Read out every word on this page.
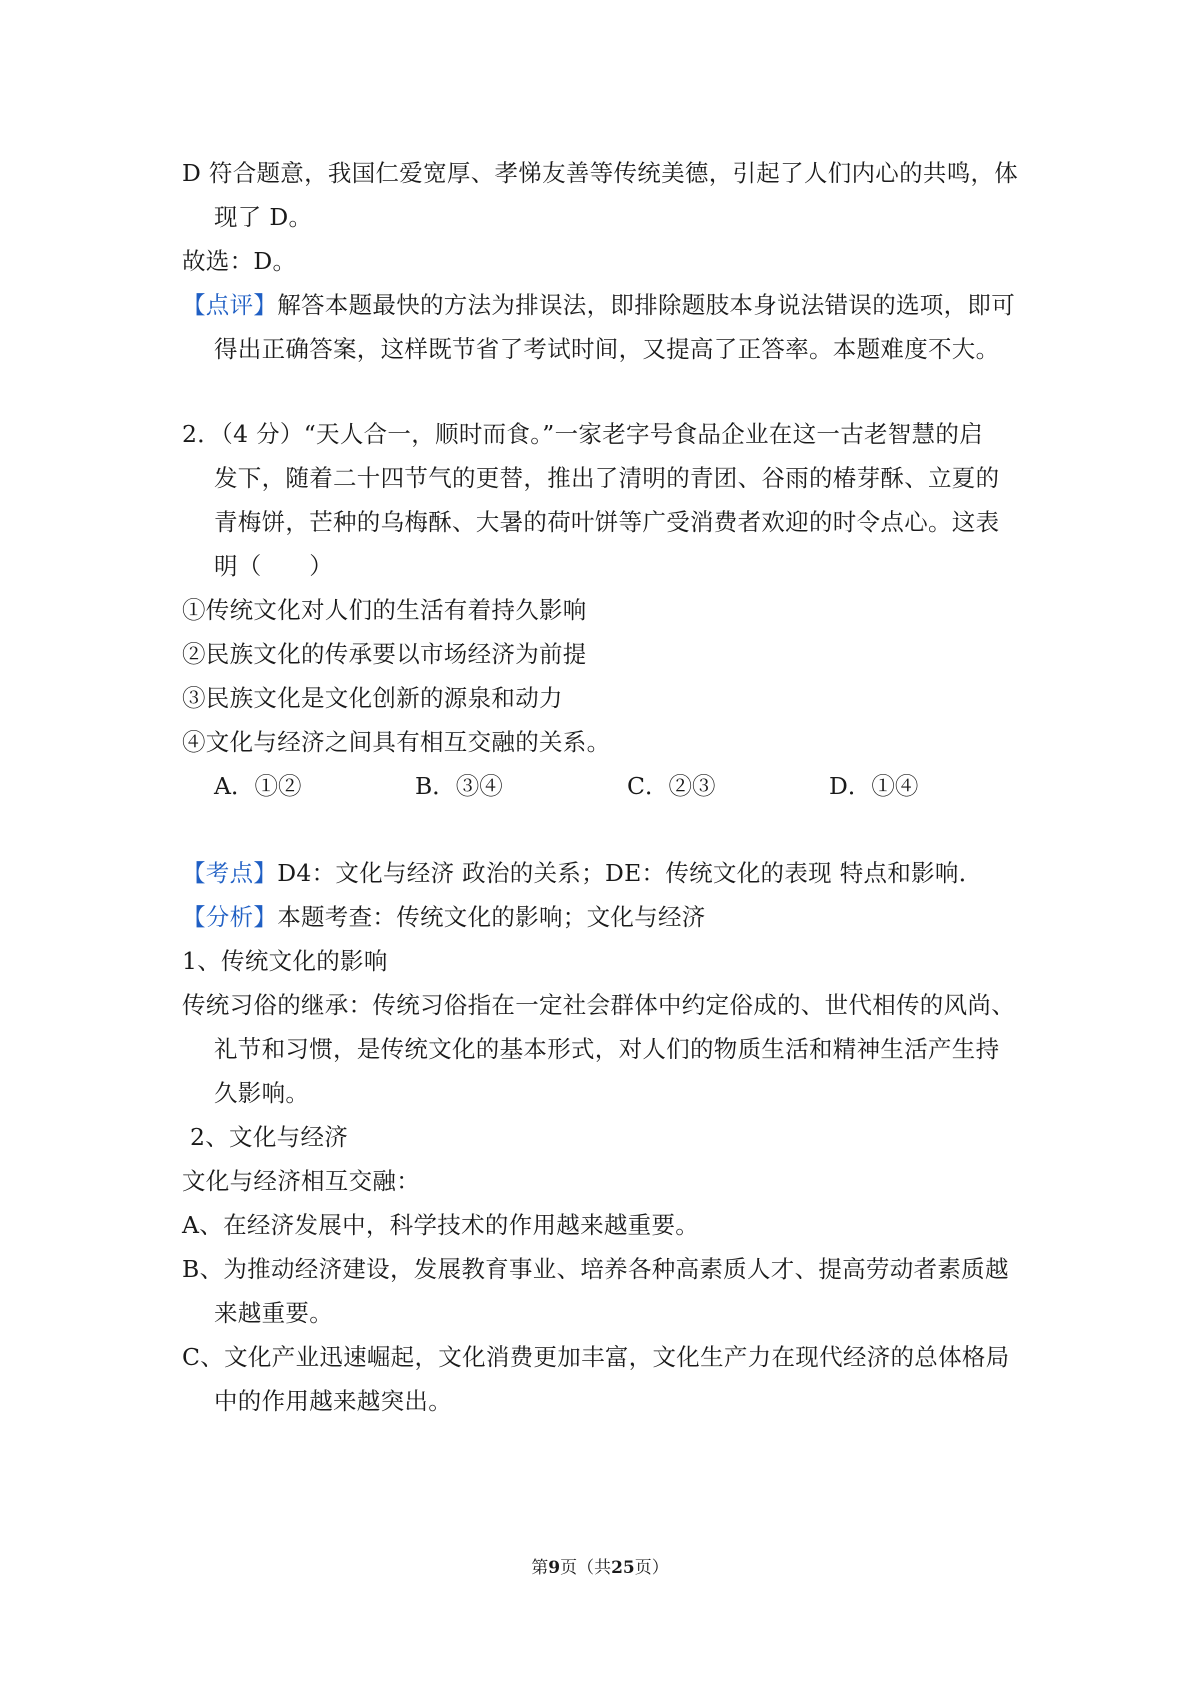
D 符合题意，我国仁爱宽厚、孝悌友善等传统美德，引起了人们内心的共鸣，体
现了 D。
故选：D。
【点评】解答本题最快的方法为排误法，即排除题肢本身说法错误的选项，即可
得出正确答案，这样既节省了考试时间，又提高了正答率。本题难度不大。
2．（4 分）“天人合一，顺时而食。”一家老字号食品企业在这一古老智慧的启
发下，随着二十四节气的更替，推出了清明的青团、谷雨的椿芽酥、立夏的
青梅饼，芒种的乌梅酥、大暑的荷叶饼等广受消费者欢迎的时令点心。这表
明（　　）
①传统文化对人们的生活有着持久影响
②民族文化的传承要以市场经济为前提
③民族文化是文化创新的源泉和动力
④文化与经济之间具有相互交融的关系。
A．①②	B．③④	C．②③	D．①④
【考点】D4：文化与经济 政治的关系；DE：传统文化的表现 特点和影响．
【分析】本题考查：传统文化的影响；文化与经济
1、传统文化的影响
传统习俗的继承：传统习俗指在一定社会群体中约定俗成的、世代相传的风尚、
礼节和习惯，是传统文化的基本形式，对人们的物质生活和精神生活产生持
久影响。
2、文化与经济
文化与经济相互交融：
A、在经济发展中，科学技术的作用越来越重要。
B、为推动经济建设，发展教育事业、培养各种高素质人才、提高劳动者素质越
来越重要。
C、文化产业迅速崛起，文化消费更加丰富，文化生产力在现代经济的总体格局
中的作用越来越突出。
第9页（共25页）
